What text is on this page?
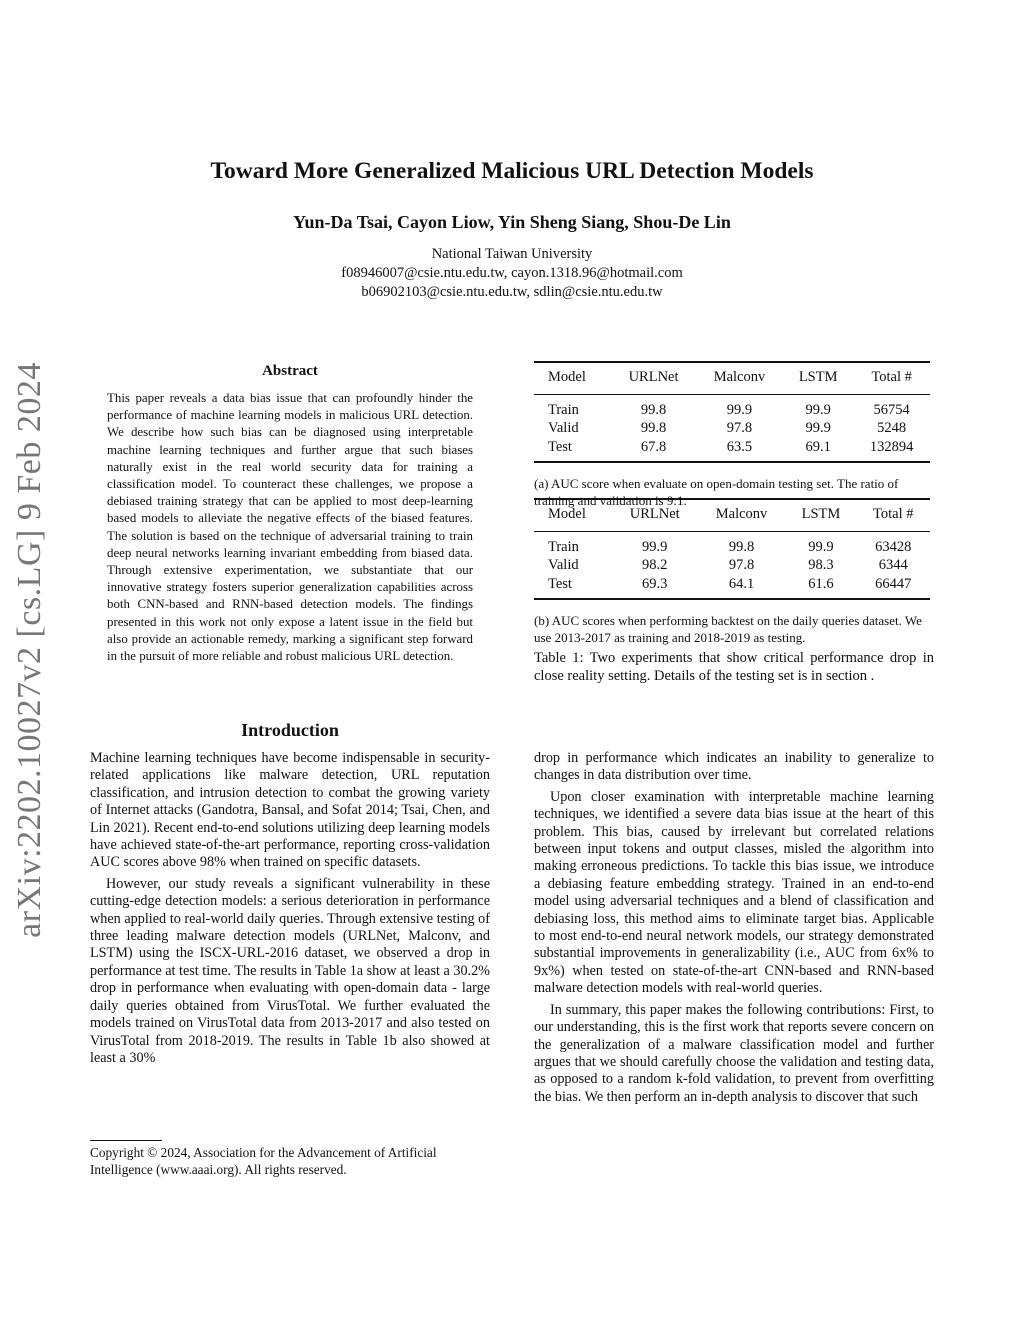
arXiv:2202.10027v2 [cs.LG] 9 Feb 2024
Toward More Generalized Malicious URL Detection Models
Yun-Da Tsai, Cayon Liow, Yin Sheng Siang, Shou-De Lin
National Taiwan University
f08946007@csie.ntu.edu.tw, cayon.1318.96@hotmail.com
b06902103@csie.ntu.edu.tw, sdlin@csie.ntu.edu.tw
Abstract
This paper reveals a data bias issue that can profoundly hinder the performance of machine learning models in malicious URL detection. We describe how such bias can be diagnosed using interpretable machine learning techniques and further argue that such biases naturally exist in the real world security data for training a classification model. To counteract these challenges, we propose a debiased training strategy that can be applied to most deep-learning based models to alleviate the negative effects of the biased features. The solution is based on the technique of adversarial training to train deep neural networks learning invariant embedding from biased data. Through extensive experimentation, we substantiate that our innovative strategy fosters superior generalization capabilities across both CNN-based and RNN-based detection models. The findings presented in this work not only expose a latent issue in the field but also provide an actionable remedy, marking a significant step forward in the pursuit of more reliable and robust malicious URL detection.
Introduction

Machine learning techniques have become indispensable in security-related applications like malware detection, URL reputation classification, and intrusion detection to combat the growing variety of Internet attacks (Gandotra, Bansal, and Sofat 2014; Tsai, Chen, and Lin 2021). Recent end-to-end solutions utilizing deep learning models have achieved state-of-the-art performance, reporting cross-validation AUC scores above 98% when trained on specific datasets.

However, our study reveals a significant vulnerability in these cutting-edge detection models: a serious deterioration in performance when applied to real-world daily queries. Through extensive testing of three leading malware detection models (URLNet, Malconv, and LSTM) using the ISCX-URL-2016 dataset, we observed a drop in performance at test time. The results in Table 1a show at least a 30.2% drop in performance when evaluating with open-domain data - large daily queries obtained from VirusTotal. We further evaluated the models trained on VirusTotal data from 2013-2017 and also tested on VirusTotal from 2018-2019. The results in Table 1b also showed at least a 30%

Copyright © 2024, Association for the Advancement of Artificial Intelligence (www.aaai.org). All rights reserved.
Model	URLNet	Malconv	LSTM	Total #
Train	99.8	99.9	99.9	56754
Valid	99.8	97.8	99.9	5248
Test	67.8	63.5	69.1	132894
(a) AUC score when evaluate on open-domain testing set. The ratio of training and validation is 9:1.
Model	URLNet	Malconv	LSTM	Total #
Train	99.9	99.8	99.9	63428
Valid	98.2	97.8	98.3	6344
Test	69.3	64.1	61.6	66447
(b) AUC scores when performing backtest on the daily queries dataset. We use 2013-2017 as training and 2018-2019 as testing.
Table 1: Two experiments that show critical performance drop in close reality setting. Details of the testing set is in section .

drop in performance which indicates an inability to generalize to changes in data distribution over time.

Upon closer examination with interpretable machine learning techniques, we identified a severe data bias issue at the heart of this problem. This bias, caused by irrelevant but correlated relations between input tokens and output classes, misled the algorithm into making erroneous predictions. To tackle this bias issue, we introduce a debiasing feature embedding strategy. Trained in an end-to-end model using adversarial techniques and a blend of classification and debiasing loss, this method aims to eliminate target bias. Applicable to most end-to-end neural network models, our strategy demonstrated substantial improvements in generalizability (i.e., AUC from 6x% to 9x%) when tested on state-of-the-art CNN-based and RNN-based malware detection models with real-world queries.

In summary, this paper makes the following contributions: First, to our understanding, this is the first work that reports severe concern on the generalization of a malware classification model and further argues that we should carefully choose the validation and testing data, as opposed to a random k-fold validation, to prevent from overfitting the bias. We then perform an in-depth analysis to discover that such
